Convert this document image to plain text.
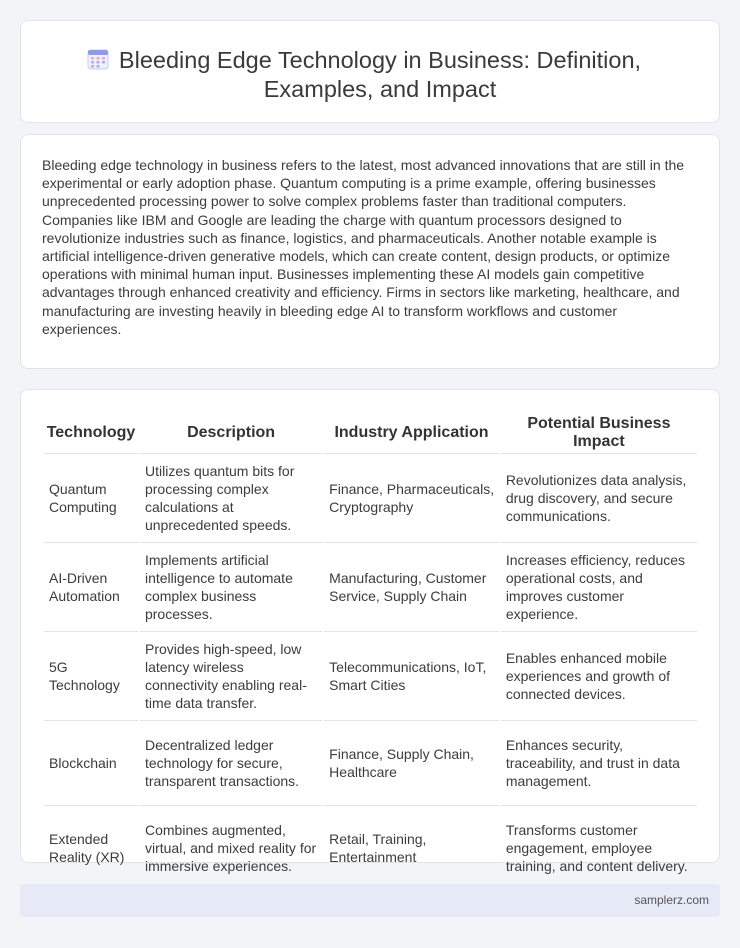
Bleeding Edge Technology in Business: Definition, Examples, and Impact

Bleeding edge technology in business refers to the latest, most advanced innovations that are still in the experimental or early adoption phase. Quantum computing is a prime example, offering businesses unprecedented processing power to solve complex problems faster than traditional computers. Companies like IBM and Google are leading the charge with quantum processors designed to revolutionize industries such as finance, logistics, and pharmaceuticals. Another notable example is artificial intelligence-driven generative models, which can create content, design products, or optimize operations with minimal human input. Businesses implementing these AI models gain competitive advantages through enhanced creativity and efficiency. Firms in sectors like marketing, healthcare, and manufacturing are investing heavily in bleeding edge AI to transform workflows and customer experiences.

Technology	Description	Industry Application	Potential Business Impact
Quantum Computing	Utilizes quantum bits for processing complex calculations at unprecedented speeds.	Finance, Pharmaceuticals, Cryptography	Revolutionizes data analysis, drug discovery, and secure communications.
AI-Driven Automation	Implements artificial intelligence to automate complex business processes.	Manufacturing, Customer Service, Supply Chain	Increases efficiency, reduces operational costs, and improves customer experience.
5G Technology	Provides high-speed, low latency wireless connectivity enabling real-time data transfer.	Telecommunications, IoT, Smart Cities	Enables enhanced mobile experiences and growth of connected devices.
Blockchain	Decentralized ledger technology for secure, transparent transactions.	Finance, Supply Chain, Healthcare	Enhances security, traceability, and trust in data management.
Extended Reality (XR)	Combines augmented, virtual, and mixed reality for immersive experiences.	Retail, Training, Entertainment	Transforms customer engagement, employee training, and content delivery.
samplerz.com
